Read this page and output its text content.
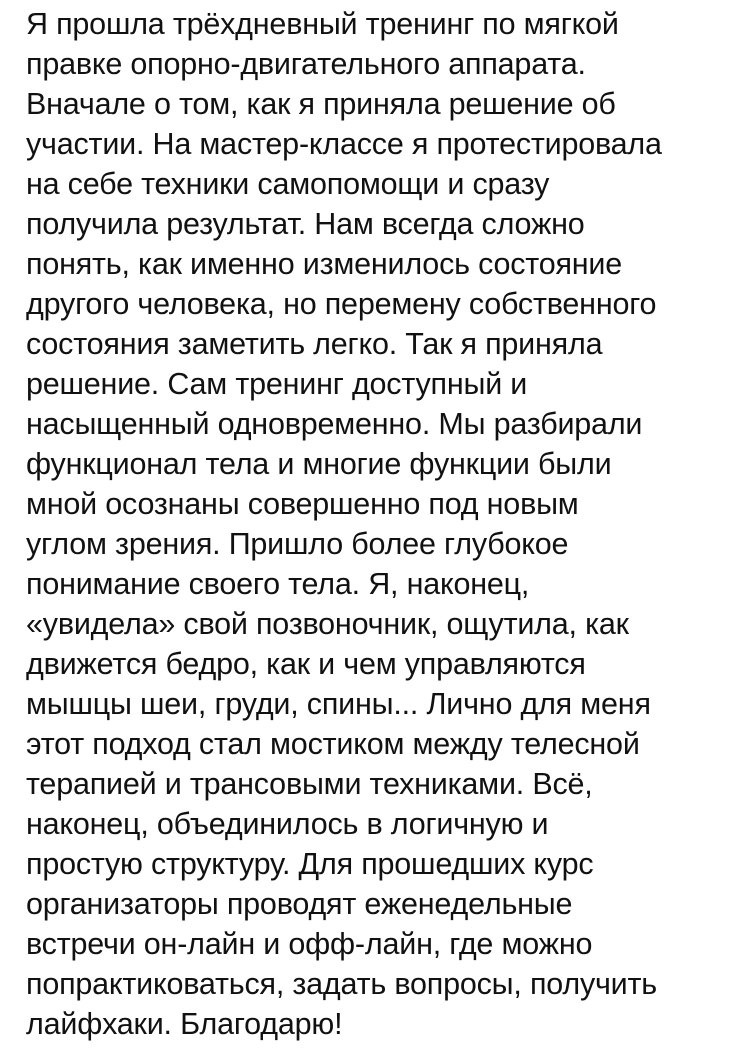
Я прошла трёхдневный тренинг по мягкой
правке опорно-двигательного аппарата.
Вначале о том, как я приняла решение об
участии. На мастер-классе я протестировала
на себе техники самопомощи и сразу
получила результат. Нам всегда сложно
понять, как именно изменилось состояние
другого человека, но перемену собственного
состояния заметить легко. Так я приняла
решение. Сам тренинг доступный и
насыщенный одновременно. Мы разбирали
функционал тела и многие функции были
мной осознаны совершенно под новым
углом зрения. Пришло более глубокое
понимание своего тела. Я, наконец,
«увидела» свой позвоночник, ощутила, как
движется бедро, как и чем управляются
мышцы шеи, груди, спины... Лично для меня
этот подход стал мостиком между телесной
терапией и трансовыми техниками. Всё,
наконец, объединилось в логичную и
простую структуру. Для прошедших курс
организаторы проводят еженедельные
встречи он-лайн и офф-лайн, где можно
попрактиковаться, задать вопросы, получить
лайфхаки. Благодарю!
